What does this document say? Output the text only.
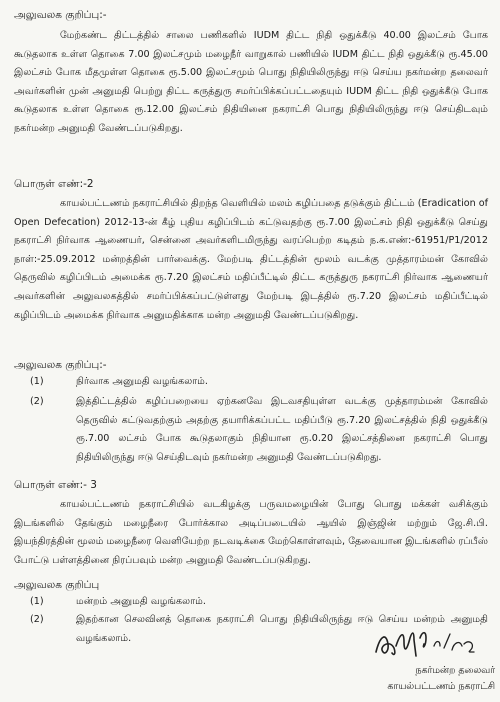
அலுவலக குறிப்பு:-
மேற்கண்ட திட்டத்தில் சாலை பணிகளில் IUDM திட்ட நிதி ஒதுக்கீடு 40.00 இலட்சம் போக கூடுதலாக உள்ள தொகை 7.00 இலட்சமும் மழைநீர் வாறுகால் பணியில் IUDM திட்ட நிதி ஒதுக்கீடு ரூ.45.00 இலட்சம் போக மீதமுள்ள தொகை ரூ.5.00 இலட்சமும் பொது நிதியிலிருந்து ஈடு செய்ய நகர்மன்ற தலைவர் அவர்களின் முன் அனுமதி பெற்று திட்ட கருத்துரு சமர்ப்பிக்கப்பட்டதையும் IUDM திட்ட நிதி ஒதுக்கீடு போக கூடுதலாக உள்ள தொகை ரூ.12.00 இலட்சம் நிதியினை நகராட்சி பொது நிதியிலிருந்து ஈடு செய்திடவும் நகர்மன்ற அனுமதி வேண்டப்படுகிறது.
பொருள் எண்:-2
காயல்பட்டணம் நகராட்சியில் திறந்த வெளியில் மலம் கழிப்பதை தடுக்கும் திட்டம் (Eradication of Open Defecation) 2012-13-ன் கீழ் புதிய கழிப்பிடம் கட்டுவதற்கு ரூ.7.00 இலட்சம் நிதி ஒதுக்கீடு செய்து நகராட்சி நிர்வாக ஆணையர், சென்னை அவர்களிடமிருந்து வரப்பெற்ற கடிதம் ந.க.எண்:-61951/P1/2012 நாள்:-25.09.2012 மன்றத்தின் பார்வைக்கு. மேற்படி திட்டத்தின் மூலம் வடக்கு முத்தாரம்மன் கோவில் தெருவில் கழிப்பிடம் அமைக்க ரூ.7.20 இலட்சம் மதிப்பீட்டில் திட்ட கருத்துரு நகராட்சி நிர்வாக ஆணையர் அவர்களின் அலுவலகத்தில் சமர்ப்பிக்கப்பட்டுள்ளது மேற்படி இடத்தில் ரூ.7.20 இலட்சம் மதிப்பீட்டில் கழிப்பிடம் அமைக்க நிர்வாக அனுமதிக்காக மன்ற அனுமதி வேண்டப்படுகிறது.
அலுவலக குறிப்பு:-
(1)	நிர்வாக அனுமதி வழங்கலாம்.
(2)	இத்திட்டத்தில் கழிப்பறையை ஏற்கனவே இடவசதியுள்ள வடக்கு முத்தாரம்மன் கோவில் தெருவில் கட்டுவதற்கும் அதற்கு தயாரிக்கப்பட்ட மதிப்பீடு ரூ.7.20 இலட்சத்தில் நிதி ஒதுக்கீடு ரூ.7.00 லட்சம் போக கூடுதலாகும் நிதியான ரூ.0.20 இலட்சத்தினை நகராட்சி பொது நிதியிலிருந்து ஈடு செய்திடவும் நகர்மன்ற அனுமதி வேண்டப்படுகிறது.
பொருள் எண்:- 3
காயல்பட்டணம் நகராட்சியில் வடகிழக்கு பருவமழையின் போது பொது மக்கள் வசிக்கும் இடங்களில் தேங்கும் மழைநீரை போர்க்கால அடிப்படையில் ஆயில் இஞ்ஜின் மற்றும் ஜே.சி.பி. இயந்திரத்தின் மூலம் மழைநீரை வெளியேற்ற நடவடிக்கை மேற்கொள்ளவும், தேவையான இடங்களில் ரப்பீஸ் போட்டு பள்ளத்தினை நிரப்பவும் மன்ற அனுமதி வேண்டப்படுகிறது.
அலுவலக குறிப்பு
(1)	மன்றம் அனுமதி வழங்கலாம்.
(2)	இதற்கான செலவினத் தொகை நகராட்சி பொது நிதியிலிருந்து ஈடு செய்ய மன்றம் அனுமதி வழங்கலாம்.
நகர்மன்ற தலைவர்
காயல்பட்டணம் நகராட்சி
